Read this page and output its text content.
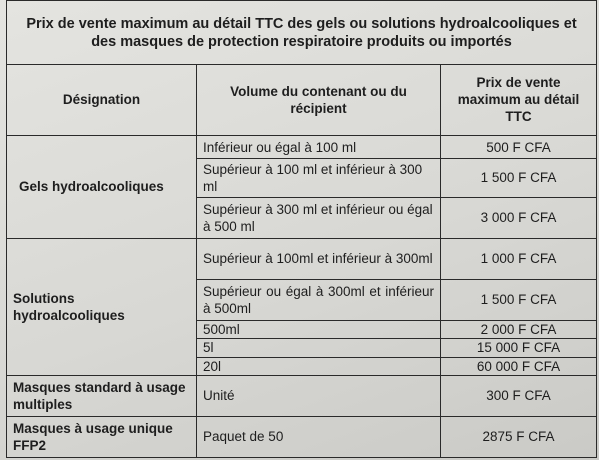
Prix de vente maximum au détail TTC des gels ou solutions hydroalcooliques et des masques de protection respiratoire produits ou importés		
Désignation	Volume du contenant ou du récipient	Prix de vente maximum au détail TTC
Gels hydroalcooliques	Inférieur ou égal à 100 ml	500 F CFA
	Supérieur à 100 ml et inférieur à 300 ml	1 500 F CFA
	Supérieur à 300 ml et inférieur ou égal à 500 ml	3 000 F CFA
Solutions hydroalcooliques	Supérieur à 100ml et inférieur à 300ml	1 000 F CFA
	Supérieur ou égal à 300ml et inférieur à 500ml	1 500 F CFA
	500ml	2 000 F CFA
	5l	15 000 F CFA
	20l	60 000 F CFA
Masques standard à usage multiples	Unité	300 F CFA
Masques à usage unique FFP2	Paquet de 50	2875 F CFA
